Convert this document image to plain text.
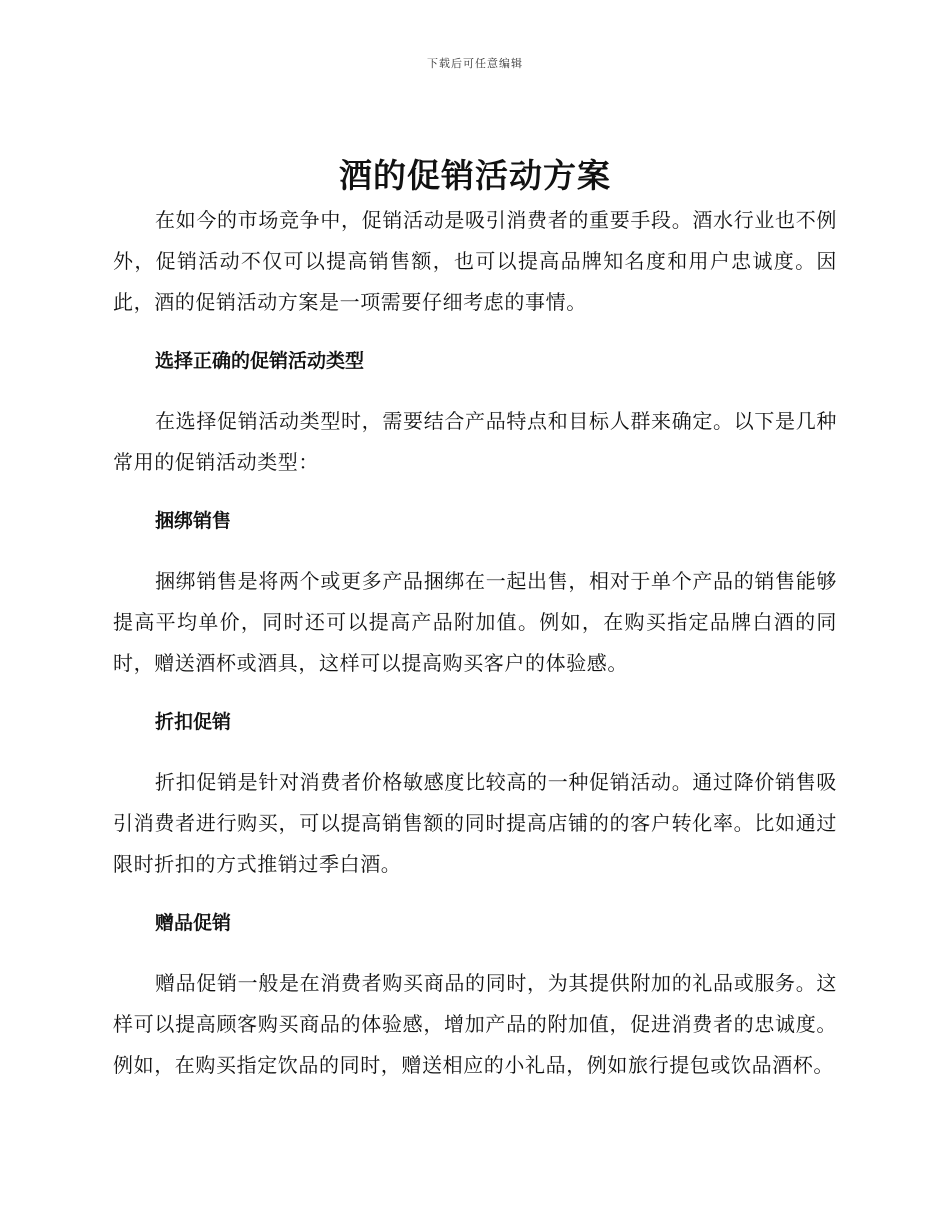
下载后可任意编辑
酒的促销活动方案

在如今的市场竞争中，促销活动是吸引消费者的重要手段。酒水行业也不例外，促销活动不仅可以提高销售额，也可以提高品牌知名度和用户忠诚度。因此，酒的促销活动方案是一项需要仔细考虑的事情。

选择正确的促销活动类型

在选择促销活动类型时，需要结合产品特点和目标人群来确定。以下是几种常用的促销活动类型：

捆绑销售

捆绑销售是将两个或更多产品捆绑在一起出售，相对于单个产品的销售能够提高平均单价，同时还可以提高产品附加值。例如，在购买指定品牌白酒的同时，赠送酒杯或酒具，这样可以提高购买客户的体验感。

折扣促销

折扣促销是针对消费者价格敏感度比较高的一种促销活动。通过降价销售吸引消费者进行购买，可以提高销售额的同时提高店铺的的客户转化率。比如通过限时折扣的方式推销过季白酒。

赠品促销

赠品促销一般是在消费者购买商品的同时，为其提供附加的礼品或服务。这样可以提高顾客购买商品的体验感，增加产品的附加值，促进消费者的忠诚度。例如，在购买指定饮品的同时，赠送相应的小礼品，例如旅行提包或饮品酒杯。
